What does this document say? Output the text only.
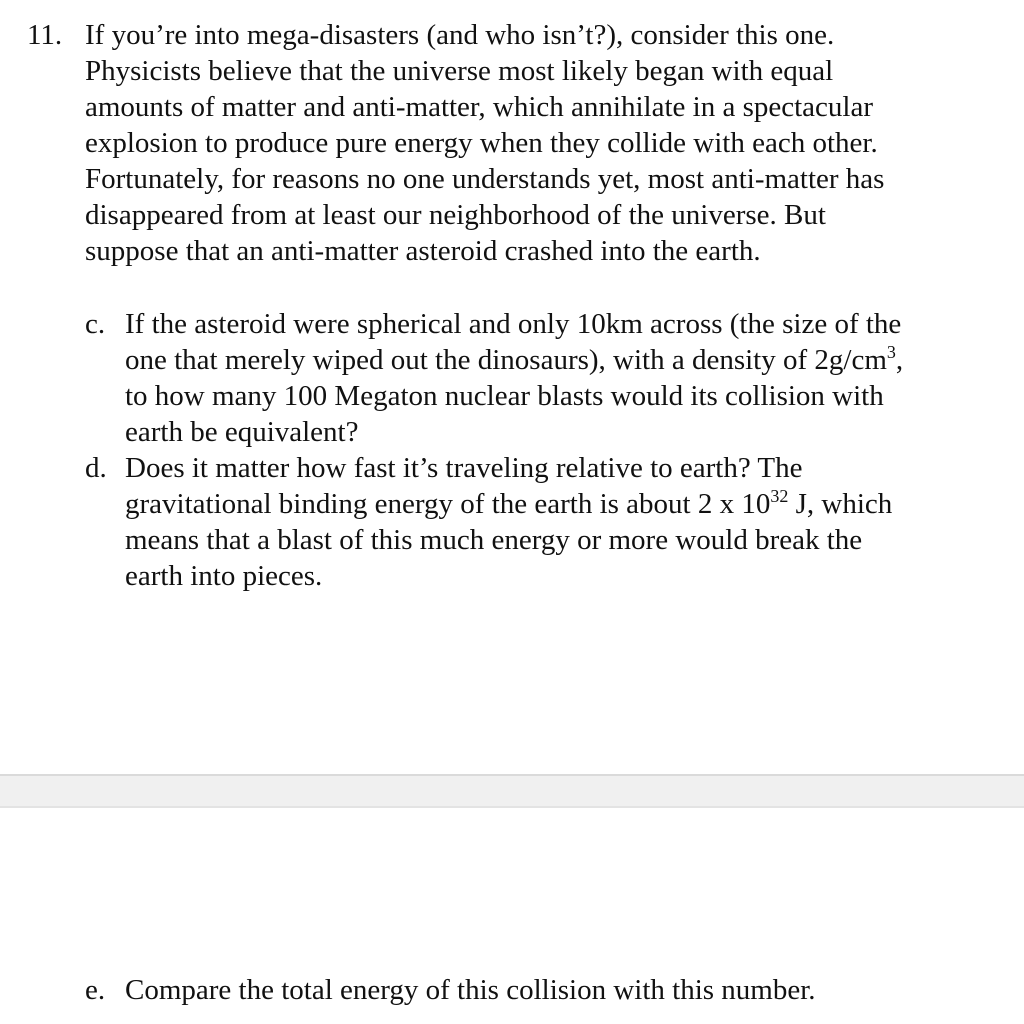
11. If you’re into mega-disasters (and who isn’t?), consider this one.
Physicists believe that the universe most likely began with equal
amounts of matter and anti-matter, which annihilate in a spectacular
explosion to produce pure energy when they collide with each other.
Fortunately, for reasons no one understands yet, most anti-matter has
disappeared from at least our neighborhood of the universe. But
suppose that an anti-matter asteroid crashed into the earth.

c. If the asteroid were spherical and only 10km across (the size of the
one that merely wiped out the dinosaurs), with a density of $2g/cm^3$,
to how many 100 Megaton nuclear blasts would its collision with
earth be equivalent?
d. Does it matter how fast it’s traveling relative to earth? The
gravitational binding energy of the earth is about 2 x $10^{32}$ J, which
means that a blast of this much energy or more would break the
earth into pieces.
e. Compare the total energy of this collision with this number.
